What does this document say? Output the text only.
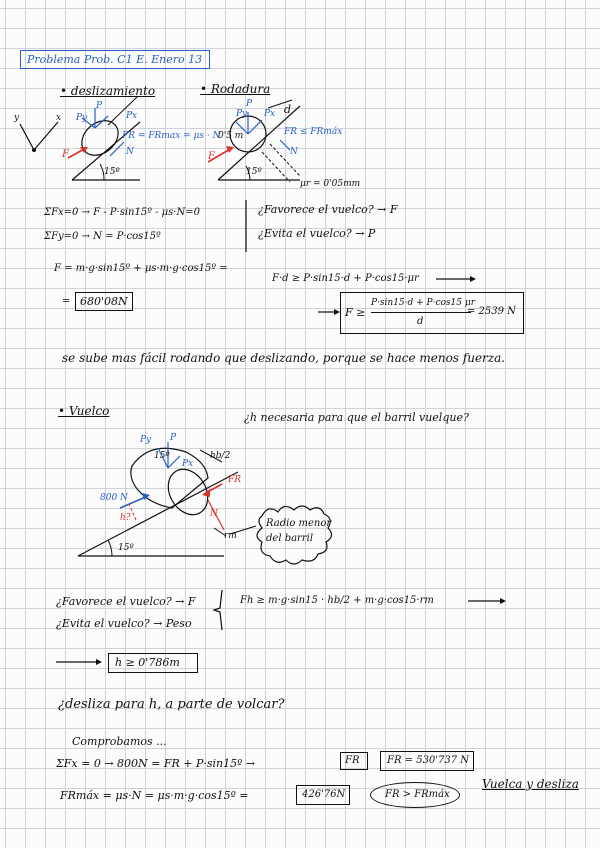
Problema Prob. C1 E. Enero 13
• deslizamiento	• Rodadura
y	x Py
P
Px
F	N
FR = FRmax = μs · N
15º
d
0'5 m
Py
P
Px
F	N
FR ≤ FRmáx
15º
μr = 0'05mm
ΣFx=0 → F - P·sin15º - μs·N=0
ΣFy=0 → N = P·cos15º
F = m·g·sin15º + μs·m·g·cos15º =
= 680'08N
¿Favorece el vuelco? → F
¿Evita el vuelco? → P
F·d ≥ P·sin15·d + P·cos15·μr
F ≥
P·sin15·d + P·cos15 μr
d
= 2539 N
se sube mas fácil rodando que deslizando, porque se hace menos fuerza.
• Vuelco	¿h necesaria para que el barril vuelque?
Py P
Px
15º
800 N
h?
hb/2
FR
N
rm
15º
Radio menor del barril
¿Favorece el vuelco? → F
¿Evita el vuelco? → Peso
Fh ≥ m·g·sin15 · hb/2 + m·g·cos15·rm
h ≥ 0'786m
¿desliza para h, a parte de volcar?
Comprobamos ...
ΣFx = 0 → 800N = FR + P·sin15º →	FR	FR = 530'737 N
Vuelca y desliza
FRmáx = μs·N = μs·m·g·cos15º =	426'76N	FR > FRmáx
